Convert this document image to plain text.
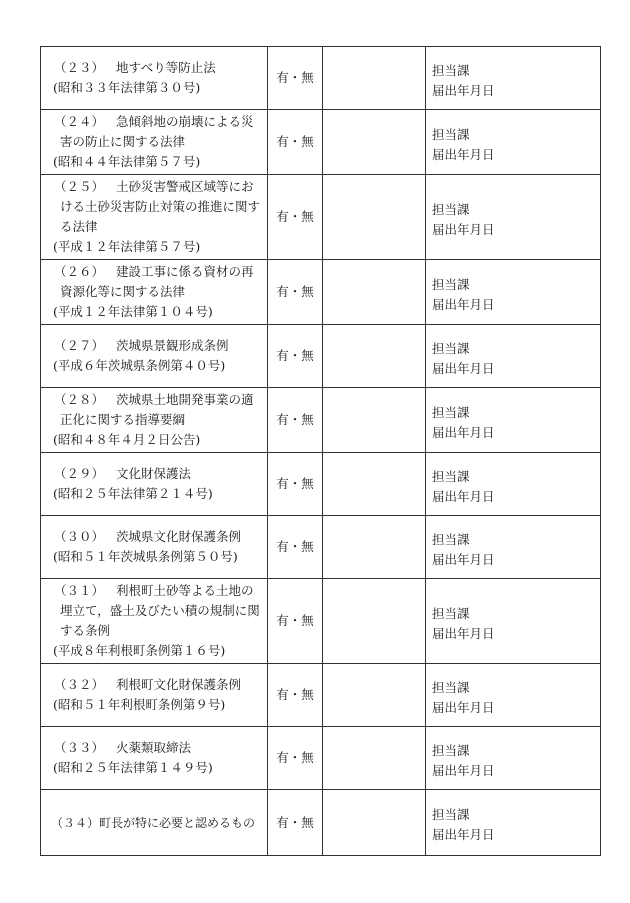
（２３） 地すべり等防止法
(昭和３３年法律第３０号)	有・無		担当課
届出年月日

（２４） 急傾斜地の崩壊による災害の防止に関する法律
(昭和４４年法律第５７号)	有・無		担当課
届出年月日

（２５） 土砂災害警戒区域等における土砂災害防止対策の推進に関する法律
(平成１２年法律第５７号)	有・無		担当課
届出年月日

（２６） 建設工事に係る資材の再資源化等に関する法律
(平成１２年法律第１０４号)	有・無		担当課
届出年月日

（２７） 茨城県景観形成条例
(平成６年茨城県条例第４０号)	有・無		担当課
届出年月日

（２８） 茨城県土地開発事業の適正化に関する指導要綱
(昭和４８年４月２日公告)	有・無		担当課
届出年月日

（２９） 文化財保護法
(昭和２５年法律第２１４号)	有・無		担当課
届出年月日

（３０） 茨城県文化財保護条例
(昭和５１年茨城県条例第５０号)	有・無		担当課
届出年月日

（３１） 利根町土砂等よる土地の埋立て，盛土及びたい積の規制に関する条例
(平成８年利根町条例第１６号)	有・無		担当課
届出年月日

（３２） 利根町文化財保護条例
(昭和５１年利根町条例第９号)	有・無		担当課
届出年月日

（３３） 火薬類取締法
(昭和２５年法律第１４９号)	有・無		担当課
届出年月日

（３４）町長が特に必要と認めるもの	有・無		担当課
届出年月日
